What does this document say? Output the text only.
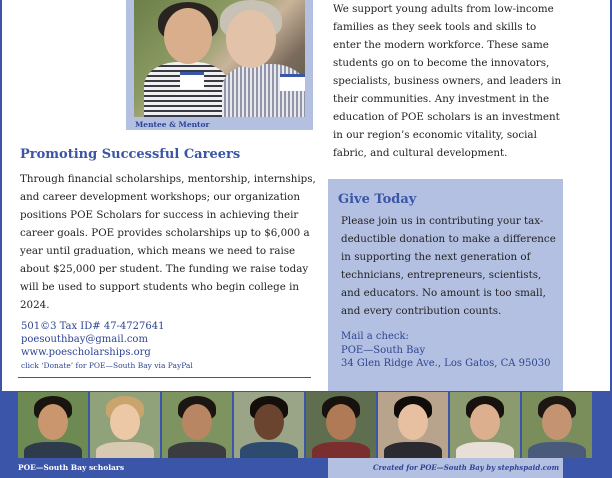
Mentee & Mentor
Promoting Successful Careers
Through financial scholarships, mentorship, internships, and career development workshops; our organization positions POE Scholars for success in achieving their career goals. POE provides scholarships up to $6,000 a year until graduation, which means we need to raise about $25,000 per student. The funding we raise today will be used to support students who begin college in 2024.
501©3 Tax ID# 47-4727641
poesouthbay@gmail.com
www.poescholarships.org
click ‘Donate’ for POE—South Bay via PayPal
We support young adults from low-income families as they seek tools and skills to enter the modern workforce. These same students go on to become the innovators, specialists, business owners, and leaders in their communities. Any investment in the education of POE scholars is an investment in our region’s economic vitality, social fabric, and cultural development.
Give Today
Please join us in contributing your tax-deductible donation to make a difference in supporting the next generation of technicians, entrepreneurs, scientists, and educators. No amount is too small, and every contribution counts.
Mail a check:
POE—South Bay
34 Glen Ridge Ave., Los Gatos, CA 95030
POE—South Bay scholars	Created for POE—South Bay by stephspaid.com
